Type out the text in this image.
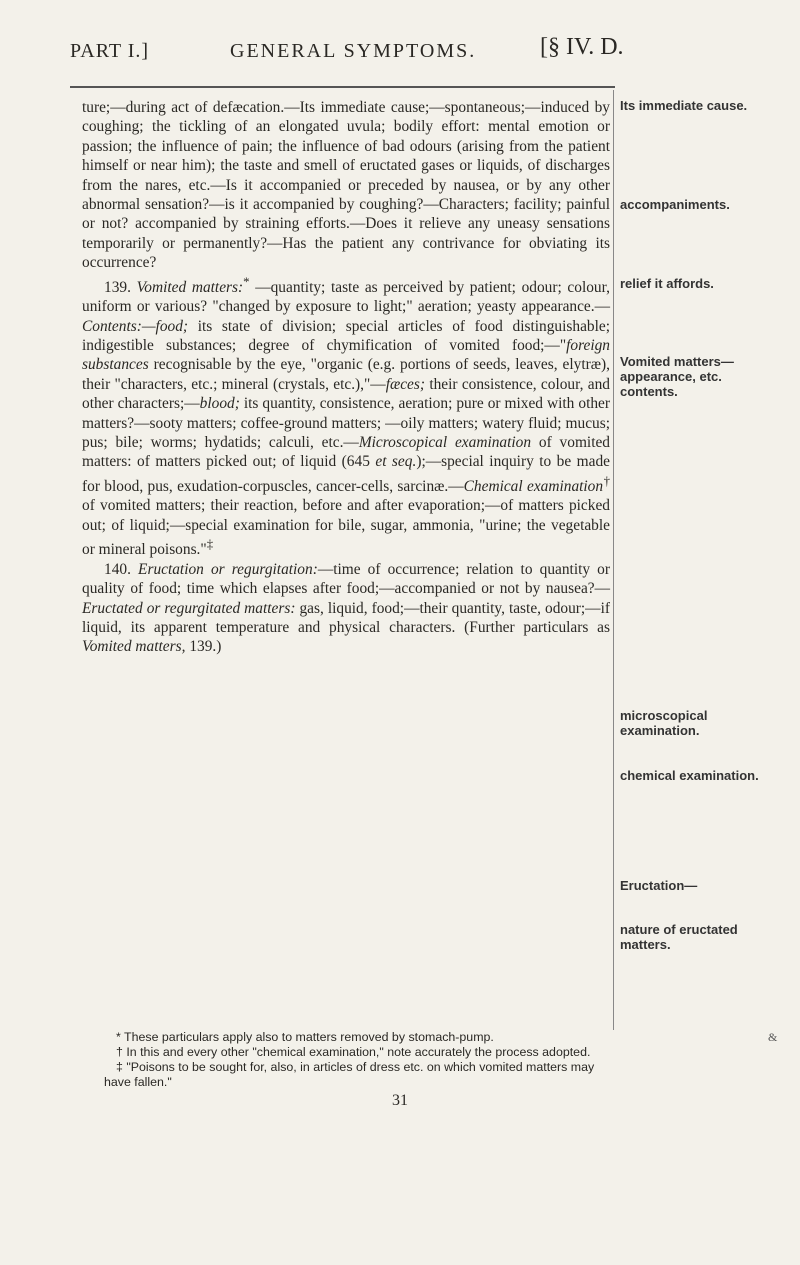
PART I.]	GENERAL SYMPTOMS.	[§ IV. D.

ture;—during act of defæcation.—Its immediate cause;—spontaneous;—induced by coughing; the tickling of an elongated uvula; bodily effort: mental emotion or passion; the influence of pain; the influence of bad odours (arising from the patient himself or near him); the taste and smell of eructated gases or liquids, of discharges from the nares, etc.—Is it accompanied or preceded by nausea, or by any other abnormal sensation?—is it accompanied by coughing?—Characters; facility; painful or not? accompanied by straining efforts.—Does it relieve any uneasy sensations temporarily or permanently?—Has the patient any contrivance for obviating its occurrence?

139. Vomited matters:* —quantity; taste as perceived by patient; odour; colour, uniform or various? "changed by exposure to light;" aeration; yeasty appearance.—Contents:—food; its state of division; special articles of food distinguishable; indigestible substances; degree of chymification of vomited food;—"foreign substances recognisable by the eye, "organic (e.g. portions of seeds, leaves, elytræ), their "characters, etc.; mineral (crystals, etc.),"—fæces; their consistence, colour, and other characters;—blood; its quantity, consistence, aeration; pure or mixed with other matters?—sooty matters; coffee-ground matters; —oily matters; watery fluid; mucus; pus; bile; worms; hydatids; calculi, etc.—Microscopical examination of vomited matters: of matters picked out; of liquid (645 et seq.);—special inquiry to be made for blood, pus, exudation-corpuscles, cancer-cells, sarcinæ.—Chemical examination† of vomited matters; their reaction, before and after evaporation;—of matters picked out; of liquid;—special examination for bile, sugar, ammonia, "urine; the vegetable or mineral poisons."‡

140. Eructation or regurgitation:—time of occurrence; relation to quantity or quality of food; time which elapses after food;—accompanied or not by nausea?—Eructated or regurgitated matters: gas, liquid, food;—their quantity, taste, odour;—if liquid, its apparent temperature and physical characters. (Further particulars as Vomited matters, 139.)

* These particulars apply also to matters removed by stomach-pump.

† In this and every other "chemical examination," note accurately the process adopted.

‡ "Poisons to be sought for, also, in articles of dress etc. on which vomited matters may have fallen."

31
Its immediate cause.
accompaniments.
relief it affords.
Vomited matters—appearance, etc. contents.
microscopical examination.
chemical examination.
Eructation—
nature of eructated matters.
&
